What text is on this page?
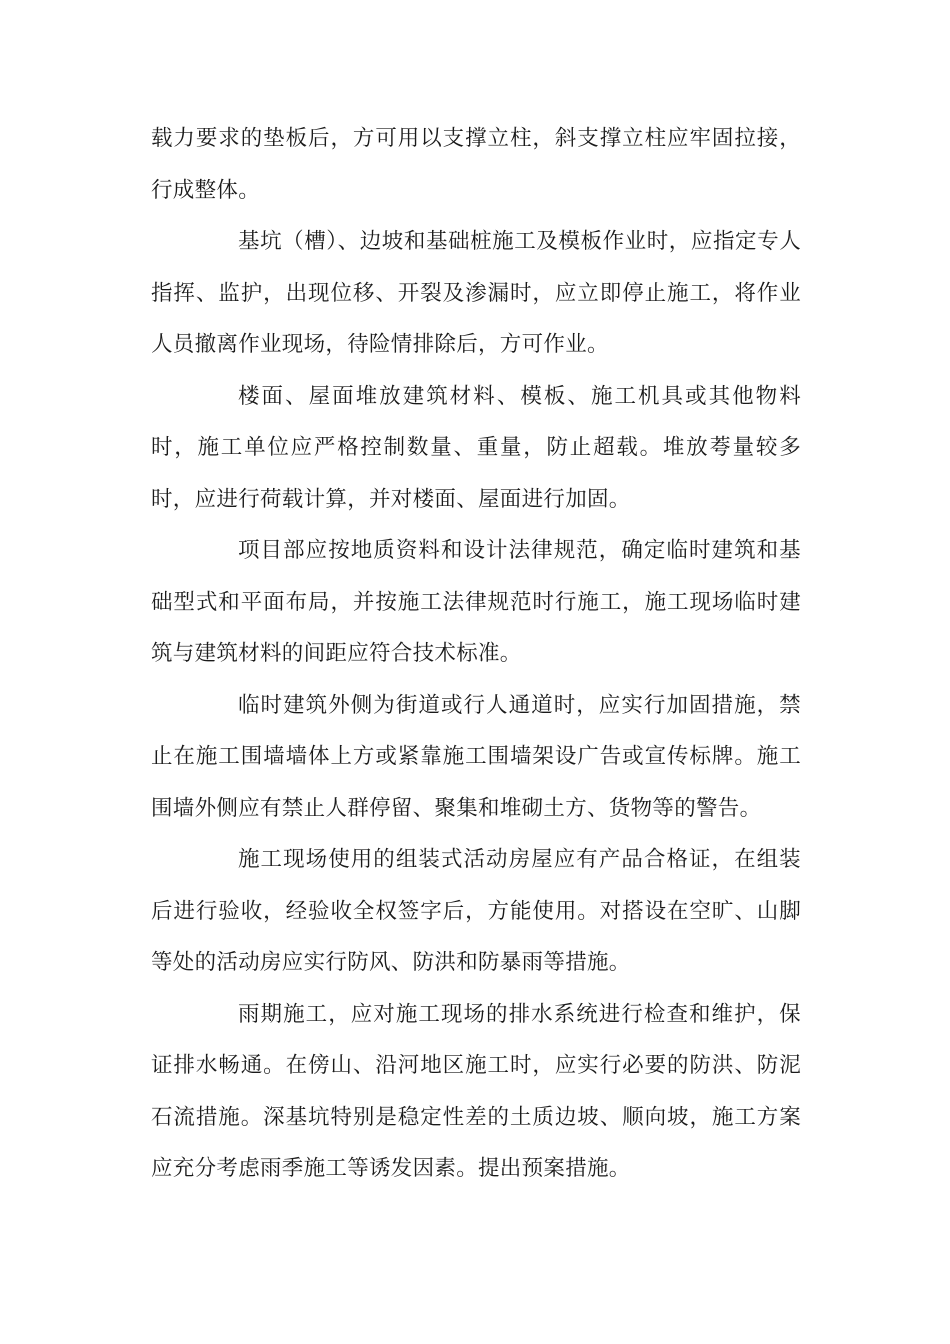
载力要求的垫板后，方可用以支撑立柱，斜支撑立柱应牢固拉接，行成整体。

基坑（槽）、边坡和基础桩施工及模板作业时，应指定专人指挥、监护，出现位移、开裂及渗漏时，应立即停止施工，将作业人员撤离作业现场，待险情排除后，方可作业。

楼面、屋面堆放建筑材料、模板、施工机具或其他物料时，施工单位应严格控制数量、重量，防止超载。堆放荂量较多时，应进行荷载计算，并对楼面、屋面进行加固。

项目部应按地质资料和设计法律规范，确定临时建筑和基础型式和平面布局，并按施工法律规范时行施工，施工现场临时建筑与建筑材料的间距应符合技术标准。

临时建筑外侧为街道或行人通道时，应实行加固措施，禁止在施工围墙墙体上方或紧靠施工围墙架设广告或宣传标牌。施工围墙外侧应有禁止人群停留、聚集和堆砌土方、货物等的警告。

施工现场使用的组装式活动房屋应有产品合格证，在组装后进行验收，经验收全权签字后，方能使用。对搭设在空旷、山脚等处的活动房应实行防风、防洪和防暴雨等措施。

雨期施工，应对施工现场的排水系统进行检查和维护，保证排水畅通。在傍山、沿河地区施工时，应实行必要的防洪、防泥石流措施。深基坑特别是稳定性差的土质边坡、顺向坡，施工方案应充分考虑雨季施工等诱发因素。提出预案措施。
